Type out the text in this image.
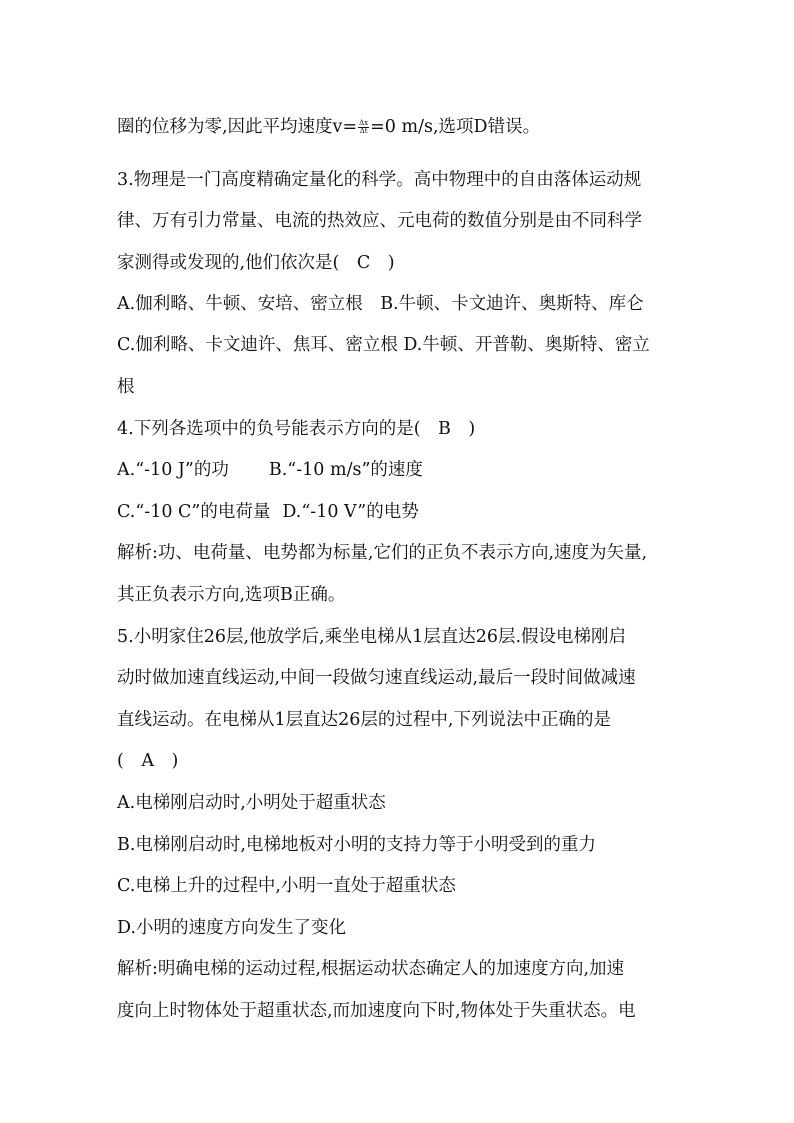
圈的位移为零,因此平均速度$v= \frac{\Delta x}{\Delta t} =0$ m/s,选项D错误。
3.物理是一门高度精确定量化的科学。高中物理中的自由落体运动规
律、万有引力常量、电流的热效应、元电荷的数值分别是由不同科学
家测得或发现的,他们依次是(　C　)
A.伽利略、牛顿、安培、密立根　B.牛顿、卡文迪许、奥斯特、库仑
C.伽利略、卡文迪许、焦耳、密立根 D.牛顿、开普勒、奥斯特、密立
根
4.下列各选项中的负号能表示方向的是(　B　)
A.“-10 J”的功 B.“-10 m/s”的速度
C.“-10 C”的电荷量 D.“-10 V”的电势
解析:功、电荷量、电势都为标量,它们的正负不表示方向,速度为矢量,
其正负表示方向,选项B正确。
5.小明家住26层,他放学后,乘坐电梯从1层直达26层.假设电梯刚启
动时做加速直线运动,中间一段做匀速直线运动,最后一段时间做减速
直线运动。在电梯从1层直达26层的过程中,下列说法中正确的是
(　A　)
A.电梯刚启动时,小明处于超重状态
B.电梯刚启动时,电梯地板对小明的支持力等于小明受到的重力
C.电梯上升的过程中,小明一直处于超重状态
D.小明的速度方向发生了变化
解析:明确电梯的运动过程,根据运动状态确定人的加速度方向,加速
度向上时物体处于超重状态,而加速度向下时,物体处于失重状态。电
